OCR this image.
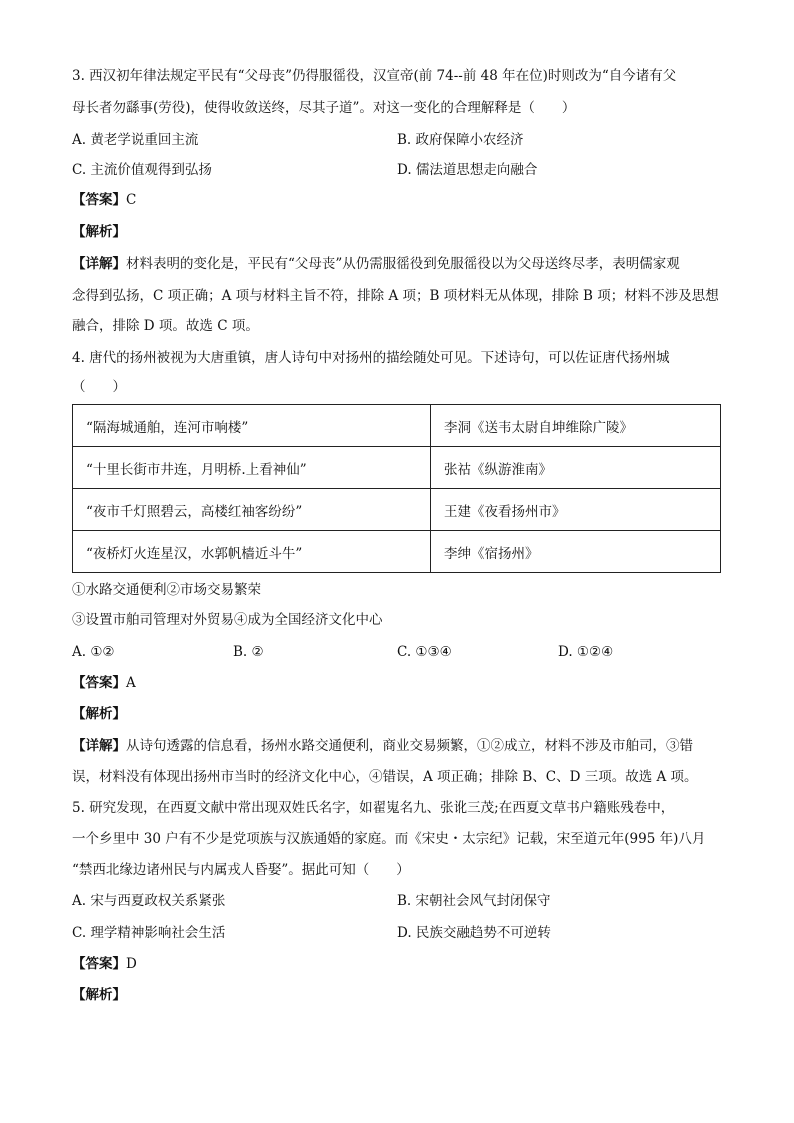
3. 西汉初年律法规定平民有“父母丧”仍得服徭役，汉宣帝(前 74--前 48 年在位)时则改为“自今诸有父
母长者勿繇事(劳役)，使得收敛送终，尽其子道”。对这一变化的合理解释是（　　）
A. 黄老学说重回主流	B. 政府保障小农经济
C. 主流价值观得到弘扬	D. 儒法道思想走向融合
【答案】C
【解析】
【详解】材料表明的变化是，平民有“父母丧”从仍需服徭役到免服徭役以为父母送终尽孝，表明儒家观
念得到弘扬，C 项正确；A 项与材料主旨不符，排除 A 项；B 项材料无从体现，排除 B 项；材料不涉及思想
融合，排除 D 项。故选 C 项。
4. 唐代的扬州被视为大唐重镇，唐人诗句中对扬州的描绘随处可见。下述诗句，可以佐证唐代扬州城
（　　）
“隔海城通舶，连河市响楼”	李洞《送韦太尉自坤维除广陵》
“十里长街市井连，月明桥.上看神仙”	张祜《纵游淮南》
“夜市千灯照碧云，高楼红袖客纷纷”	王建《夜看扬州市》
“夜桥灯火连星汉，水郭帆樯近斗牛”	李绅《宿扬州》
①水路交通便利②市场交易繁荣
③设置市舶司管理对外贸易④成为全国经济文化中心
A. ①②	B. ②	C. ①③④	D. ①②④
【答案】A
【解析】
【详解】从诗句透露的信息看，扬州水路交通便利，商业交易频繁，①②成立，材料不涉及市舶司，③错
误，材料没有体现出扬州市当时的经济文化中心，④错误，A 项正确；排除 B、C、D 三项。故选 A 项。
5. 研究发现，在西夏文献中常出现双姓氏名字，如翟嵬名九、张讹三茂;在西夏文草书户籍账残卷中，
一个乡里中 30 户有不少是党项族与汉族通婚的家庭。而《宋史・太宗纪》记载，宋至道元年(995 年)八月
“禁西北缘边诸州民与内属戎人昏娶”。据此可知（　　）
A. 宋与西夏政权关系紧张	B. 宋朝社会风气封闭保守
C. 理学精神影响社会生活	D. 民族交融趋势不可逆转
【答案】D
【解析】
